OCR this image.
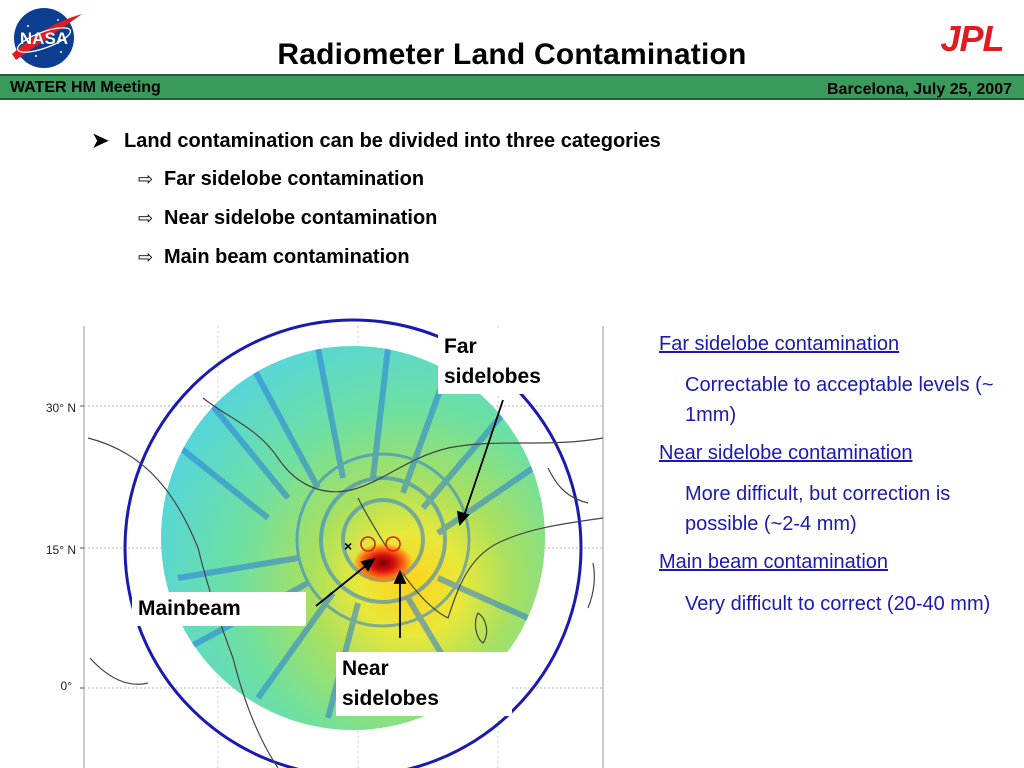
NASA	Radiometer Land Contamination	JPL
WATER HM Meeting	Barcelona, July 25, 2007
➤ Land contamination can be divided into three categories
⇨ Far sidelobe contamination
⇨ Near sidelobe contamination
⇨ Main beam contamination
×
30° N
15° N
0°
Far
sidelobes
Mainbeam
Near
sidelobes
Far sidelobe contamination
Correctable to acceptable levels (~ 1mm)
Near sidelobe contamination
More difficult, but correction is possible (~2-4 mm)
Main beam contamination
Very difficult to correct (20-40 mm)
